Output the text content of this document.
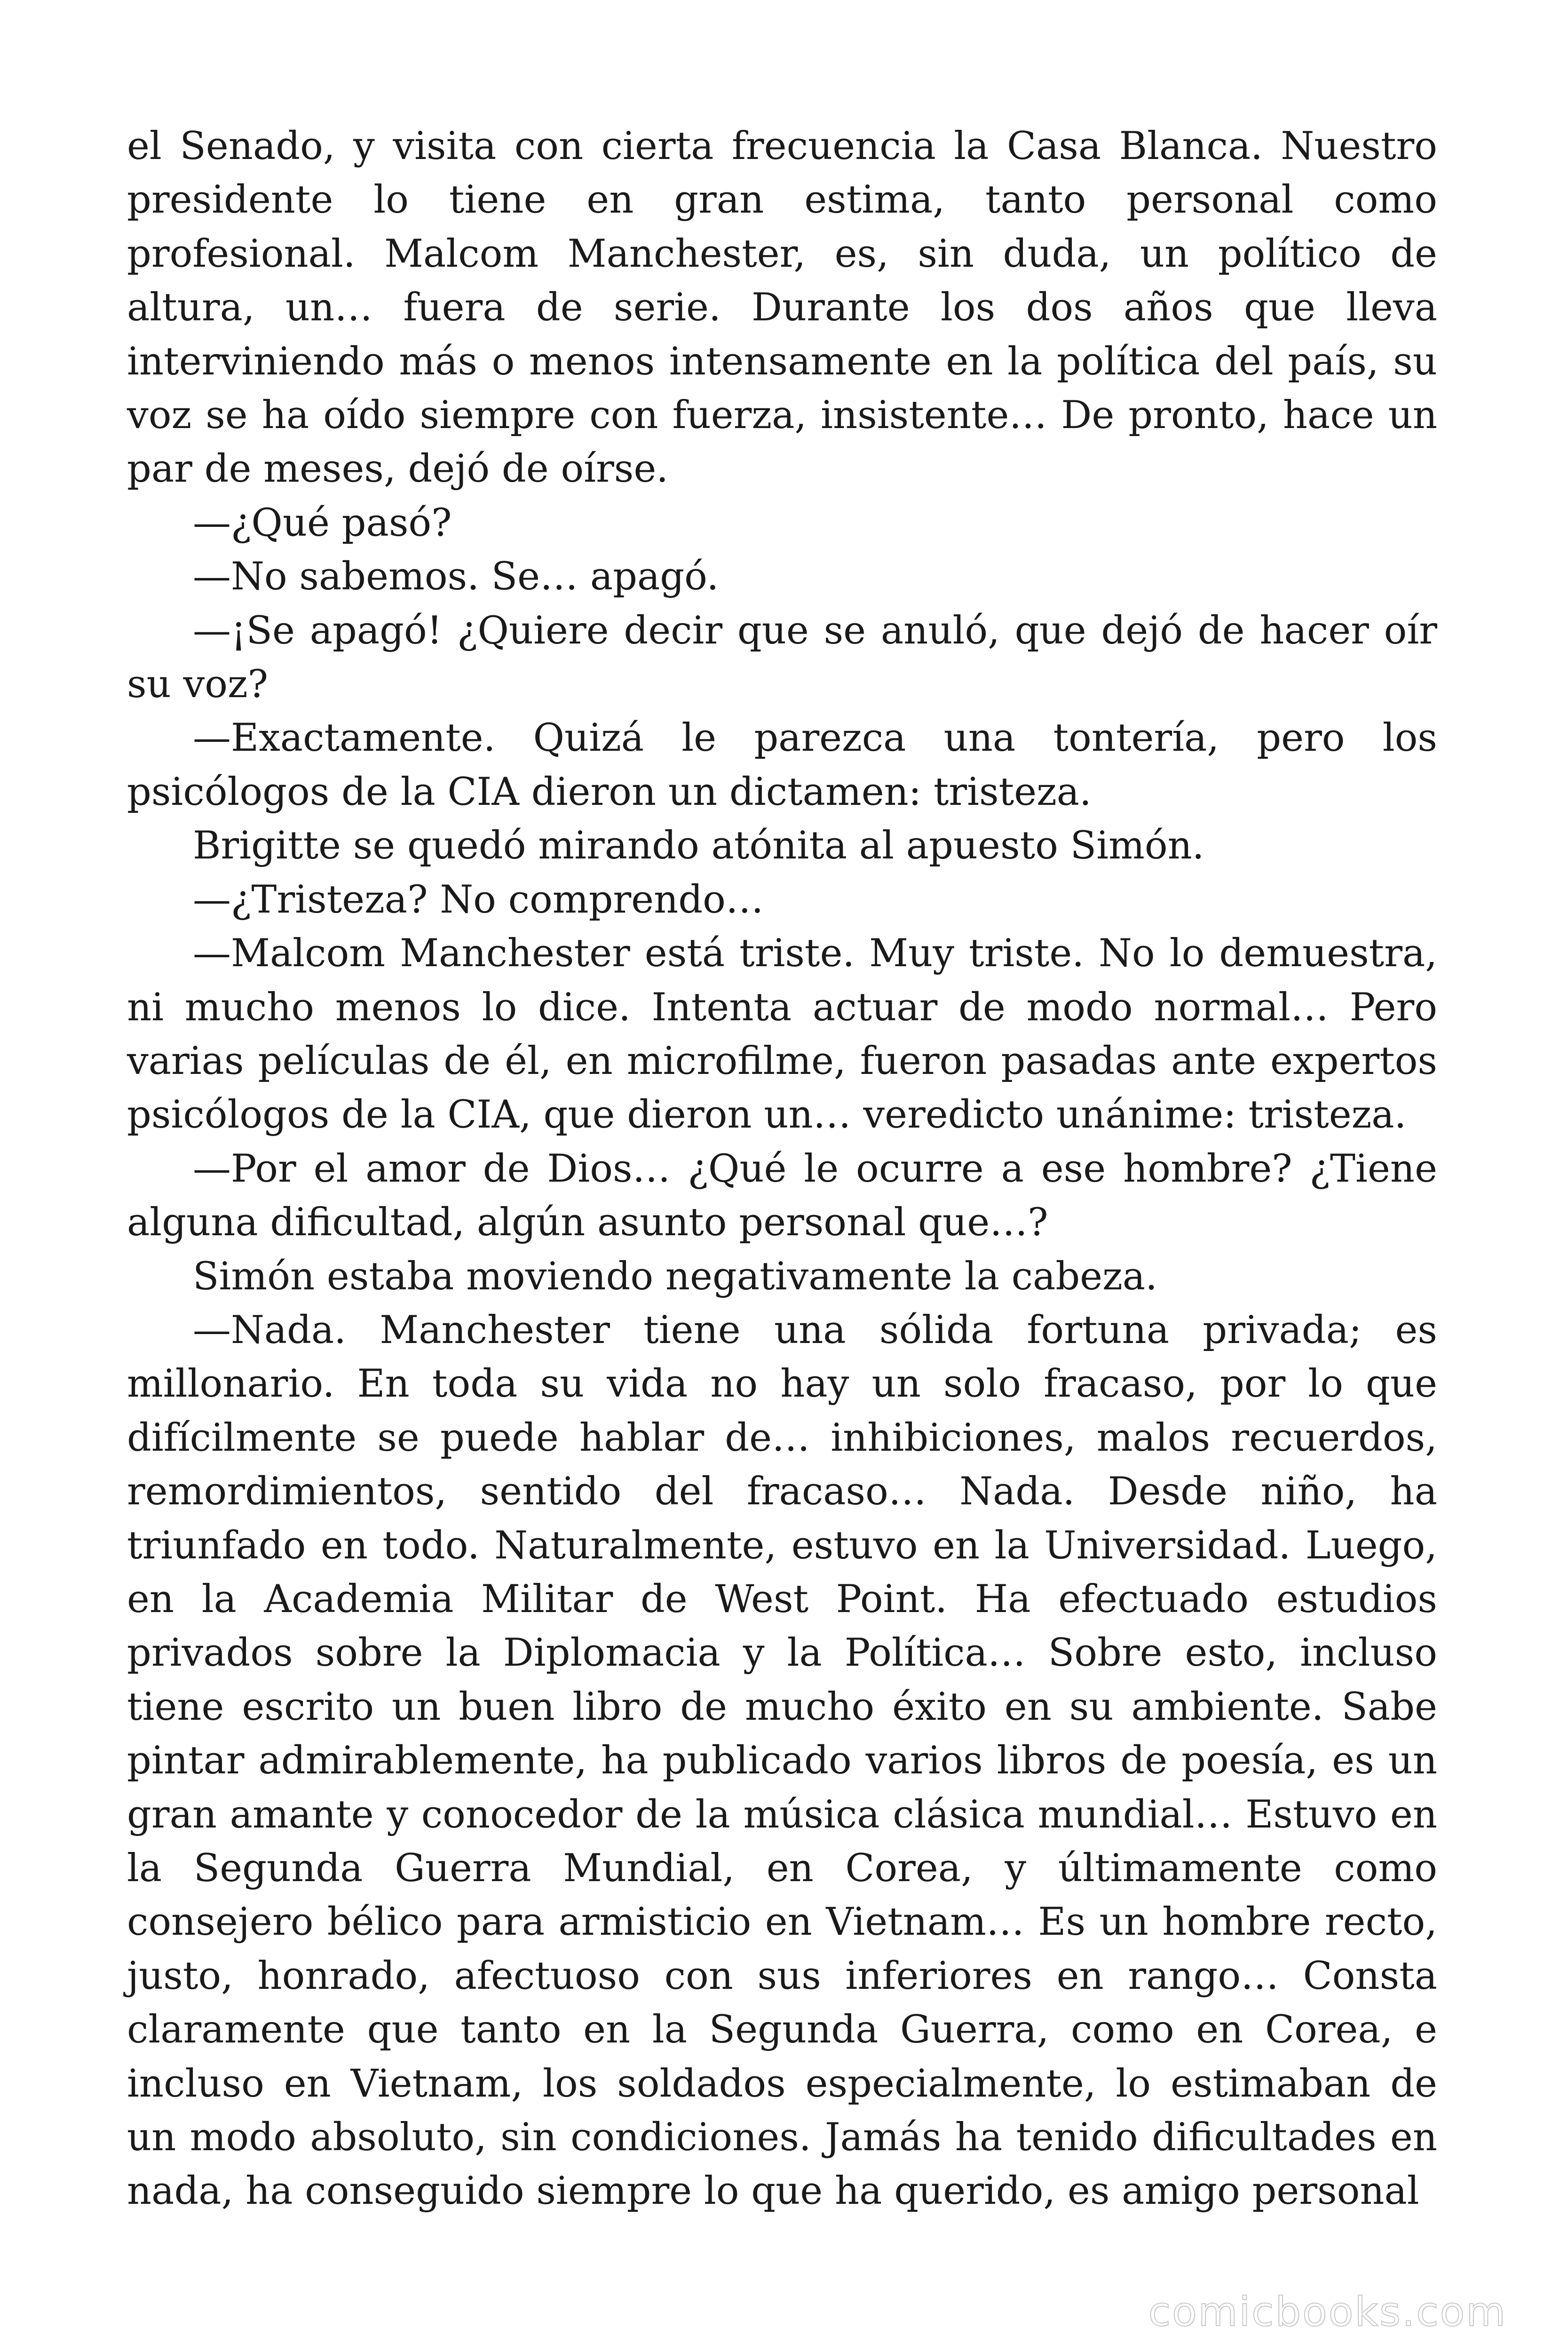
el Senado, y visita con cierta frecuencia la Casa Blanca. Nuestro presidente lo tiene en gran estima, tanto personal como profesional. Malcom Manchester, es, sin duda, un político de altura, un… fuera de serie. Durante los dos años que lleva interviniendo más o menos intensamente en la política del país, su voz se ha oído siempre con fuerza, insistente… De pronto, hace un par de meses, dejó de oírse.

—¿Qué pasó?

—No sabemos. Se… apagó.

—¡Se apagó! ¿Quiere decir que se anuló, que dejó de hacer oír su voz?

—Exactamente. Quizá le parezca una tontería, pero los psicólogos de la CIA dieron un dictamen: tristeza.

Brigitte se quedó mirando atónita al apuesto Simón.

—¿Tristeza? No comprendo…

—Malcom Manchester está triste. Muy triste. No lo demuestra, ni mucho menos lo dice. Intenta actuar de modo normal… Pero varias películas de él, en microfilme, fueron pasadas ante expertos psicólogos de la CIA, que dieron un… veredicto unánime: tristeza.

—Por el amor de Dios… ¿Qué le ocurre a ese hombre? ¿Tiene alguna dificultad, algún asunto personal que…?

Simón estaba moviendo negativamente la cabeza.

—Nada. Manchester tiene una sólida fortuna privada; es millonario. En toda su vida no hay un solo fracaso, por lo que difícilmente se puede hablar de… inhibiciones, malos recuerdos, remordimientos, sentido del fracaso… Nada. Desde niño, ha triunfado en todo. Naturalmente, estuvo en la Universidad. Luego, en la Academia Militar de West Point. Ha efectuado estudios privados sobre la Diplomacia y la Política… Sobre esto, incluso tiene escrito un buen libro de mucho éxito en su ambiente. Sabe pintar admirablemente, ha publicado varios libros de poesía, es un gran amante y conocedor de la música clásica mundial… Estuvo en la Segunda Guerra Mundial, en Corea, y últimamente como consejero bélico para armisticio en Vietnam… Es un hombre recto, justo, honrado, afectuoso con sus inferiores en rango… Consta claramente que tanto en la Segunda Guerra, como en Corea, e incluso en Vietnam, los soldados especialmente, lo estimaban de un modo absoluto, sin condiciones. Jamás ha tenido dificultades en nada, ha conseguido siempre lo que ha querido, es amigo personal

comicbooks.com
